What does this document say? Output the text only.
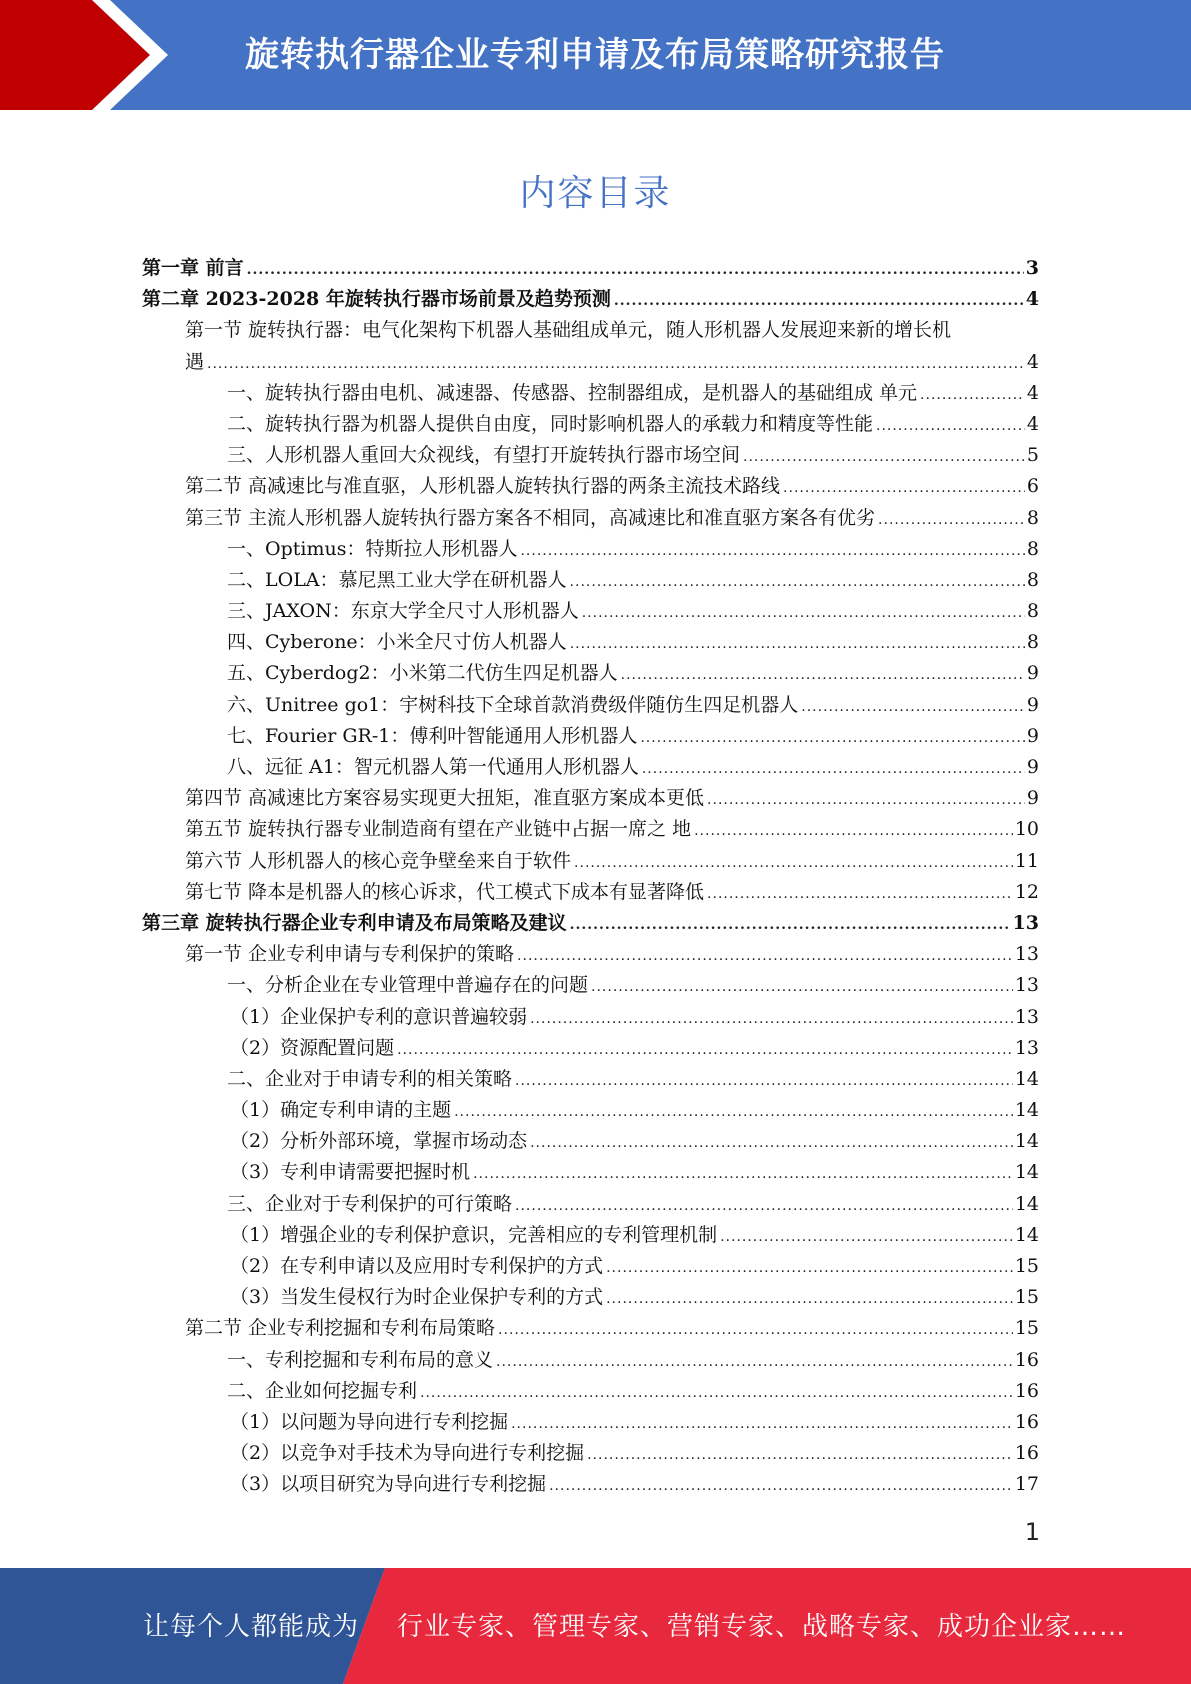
旋转执行器企业专利申请及布局策略研究报告
内容目录
第一章 前言 .....	3
第二章 2023-2028 年旋转执行器市场前景及趋势预测 .....	4
第一节 旋转执行器：电气化架构下机器人基础组成单元，随人形机器人发展迎来新的增长机
遇 .....	4
一、旋转执行器由电机、减速器、传感器、控制器组成，是机器人的基础组成 单元 .....	4
二、旋转执行器为机器人提供自由度，同时影响机器人的承载力和精度等性能 .....	4
三、人形机器人重回大众视线，有望打开旋转执行器市场空间 .....	5
第二节 高减速比与准直驱，人形机器人旋转执行器的两条主流技术路线 .....	6
第三节 主流人形机器人旋转执行器方案各不相同，高减速比和准直驱方案各有优劣 .....	8
一、Optimus：特斯拉人形机器人 .....	8
二、LOLA：慕尼黑工业大学在研机器人 .....	8
三、JAXON：东京大学全尺寸人形机器人 .....	8
四、Cyberone：小米全尺寸仿人机器人 .....	8
五、Cyberdog2：小米第二代仿生四足机器人 .....	9
六、Unitree go1：宇树科技下全球首款消费级伴随仿生四足机器人 .....	9
七、Fourier GR-1：傅利叶智能通用人形机器人 .....	9
八、远征 A1：智元机器人第一代通用人形机器人 .....	9
第四节 高减速比方案容易实现更大扭矩，准直驱方案成本更低 .....	9
第五节 旋转执行器专业制造商有望在产业链中占据一席之 地 .....	10
第六节 人形机器人的核心竞争壁垒来自于软件 .....	11
第七节 降本是机器人的核心诉求，代工模式下成本有显著降低 .....	12
第三章 旋转执行器企业专利申请及布局策略及建议 .....	13
第一节 企业专利申请与专利保护的策略 .....	13
一、分析企业在专业管理中普遍存在的问题 .....	13
（1）企业保护专利的意识普遍较弱 .....	13
（2）资源配置问题 .....	13
二、企业对于申请专利的相关策略 .....	14
（1）确定专利申请的主题 .....	14
（2）分析外部环境，掌握市场动态 .....	14
（3）专利申请需要把握时机 .....	14
三、企业对于专利保护的可行策略 .....	14
（1）增强企业的专利保护意识，完善相应的专利管理机制 .....	14
（2）在专利申请以及应用时专利保护的方式 .....	15
（3）当发生侵权行为时企业保护专利的方式 .....	15
第二节 企业专利挖掘和专利布局策略 .....	15
一、专利挖掘和专利布局的意义 .....	16
二、企业如何挖掘专利 .....	16
（1）以问题为导向进行专利挖掘 .....	16
（2）以竞争对手技术为导向进行专利挖掘 .....	16
（3）以项目研究为导向进行专利挖掘 .....	17
1
让每个人都能成为 行业专家、管理专家、营销专家、战略专家、成功企业家……
